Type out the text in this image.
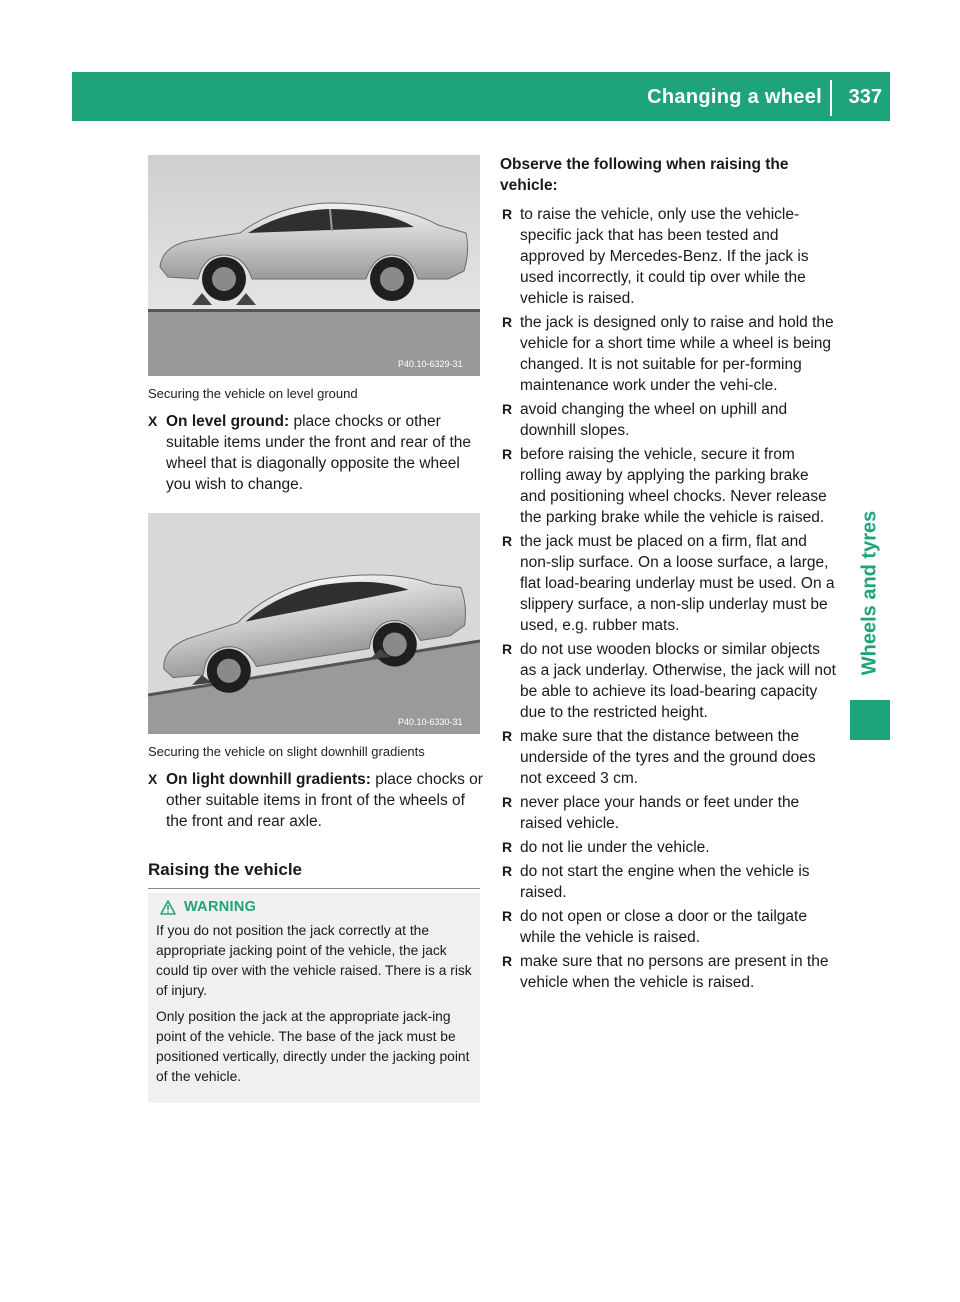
Changing a wheel 337
Wheels and tyres
P40.10-6329-31
Securing the vehicle on level ground
X On level ground: place chocks or other suitable items under the front and rear of the wheel that is diagonally opposite the wheel you wish to change.
P40.10-6330-31
Securing the vehicle on slight downhill gradients
X On light downhill gradients: place chocks or other suitable items in front of the wheels of the front and rear axle.
Raising the vehicle
WARNING

If you do not position the jack correctly at the appropriate jacking point of the vehicle, the jack could tip over with the vehicle raised. There is a risk of injury.

Only position the jack at the appropriate jack-ing point of the vehicle. The base of the jack must be positioned vertically, directly under the jacking point of the vehicle.

Observe the following when raising the vehicle:
R to raise the vehicle, only use the vehicle-specific jack that has been tested and approved by Mercedes-Benz. If the jack is used incorrectly, it could tip over while the vehicle is raised.
R the jack is designed only to raise and hold the vehicle for a short time while a wheel is being changed. It is not suitable for per-forming maintenance work under the vehi-cle.
R avoid changing the wheel on uphill and downhill slopes.
R before raising the vehicle, secure it from rolling away by applying the parking brake and positioning wheel chocks. Never release the parking brake while the vehicle is raised.
R the jack must be placed on a firm, flat and non-slip surface. On a loose surface, a large, flat load-bearing underlay must be used. On a slippery surface, a non-slip underlay must be used, e.g. rubber mats.
R do not use wooden blocks or similar objects as a jack underlay. Otherwise, the jack will not be able to achieve its load-bearing capacity due to the restricted height.
R make sure that the distance between the underside of the tyres and the ground does not exceed 3 cm.
R never place your hands or feet under the raised vehicle.
R do not lie under the vehicle.
R do not start the engine when the vehicle is raised.
R do not open or close a door or the tailgate while the vehicle is raised.
R make sure that no persons are present in the vehicle when the vehicle is raised.
